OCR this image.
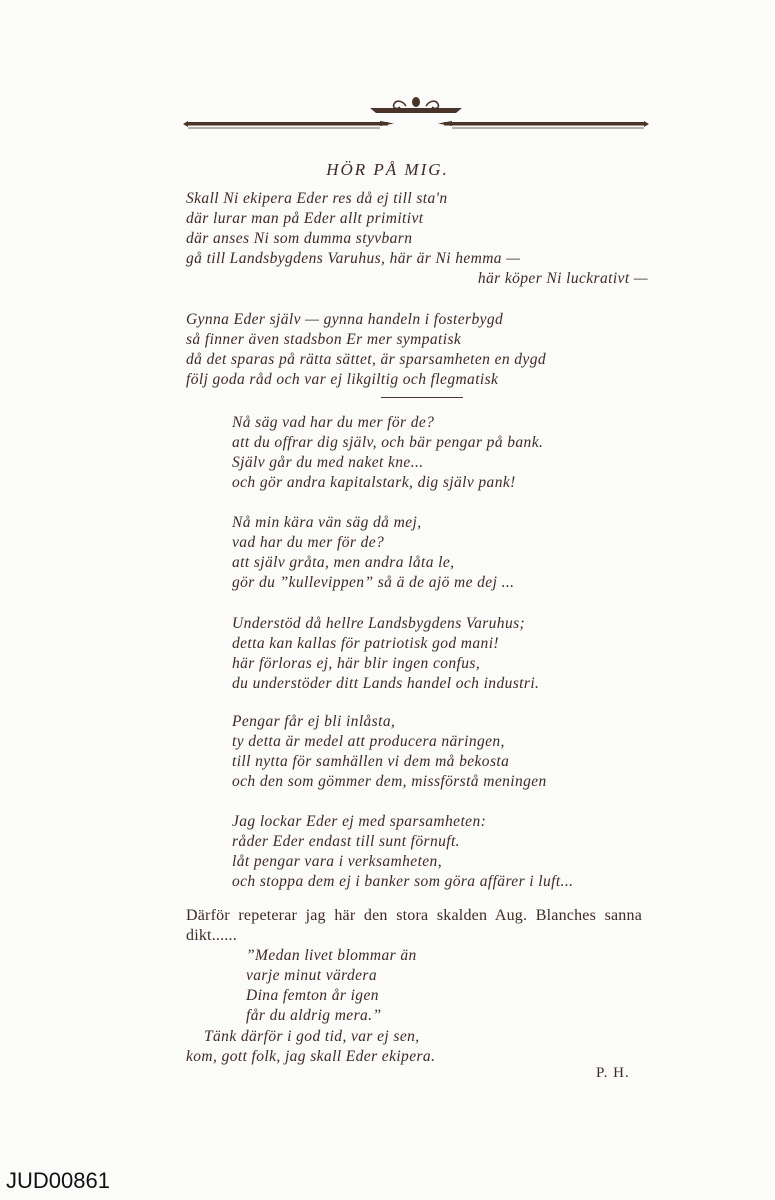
HÖR PÅ MIG.
Skall Ni ekipera Eder res då ej till sta'n
där lurar man på Eder allt primitivt
där anses Ni som dumma styvbarn
gå till Landsbygdens Varuhus, här är Ni hemma —
här köper Ni luckrativt —
Gynna Eder själv — gynna handeln i fosterbygd
så finner även stadsbon Er mer sympatisk
då det sparas på rätta sättet, är sparsamheten en dygd
följ goda råd och var ej likgiltig och flegmatisk
Nå säg vad har du mer för de?
att du offrar dig själv, och bär pengar på bank.
Själv går du med naket kne...
och gör andra kapitalstark, dig själv pank!
Nå min kära vän säg då mej,
vad har du mer för de?
att själv gråta, men andra låta le,
gör du ”kullevippen” så ä de ajö me dej ...
Understöd då hellre Landsbygdens Varuhus;
detta kan kallas för patriotisk god mani!
här förloras ej, här blir ingen confus,
du understöder ditt Lands handel och industri.
Pengar får ej bli inlåsta,
ty detta är medel att producera näringen,
till nytta för samhällen vi dem må bekosta
och den som gömmer dem, missförstå meningen
Jag lockar Eder ej med sparsamheten:
råder Eder endast till sunt förnuft.
låt pengar vara i verksamheten,
och stoppa dem ej i banker som göra affärer i luft...
Därför repeterar jag här den stora skalden Aug. Blanches sanna dikt......
”Medan livet blommar än
varje minut värdera
Dina femton år igen
får du aldrig mera.”
Tänk därför i god tid, var ej sen,
kom, gott folk, jag skall Eder ekipera.
P. H.
JUD00861
